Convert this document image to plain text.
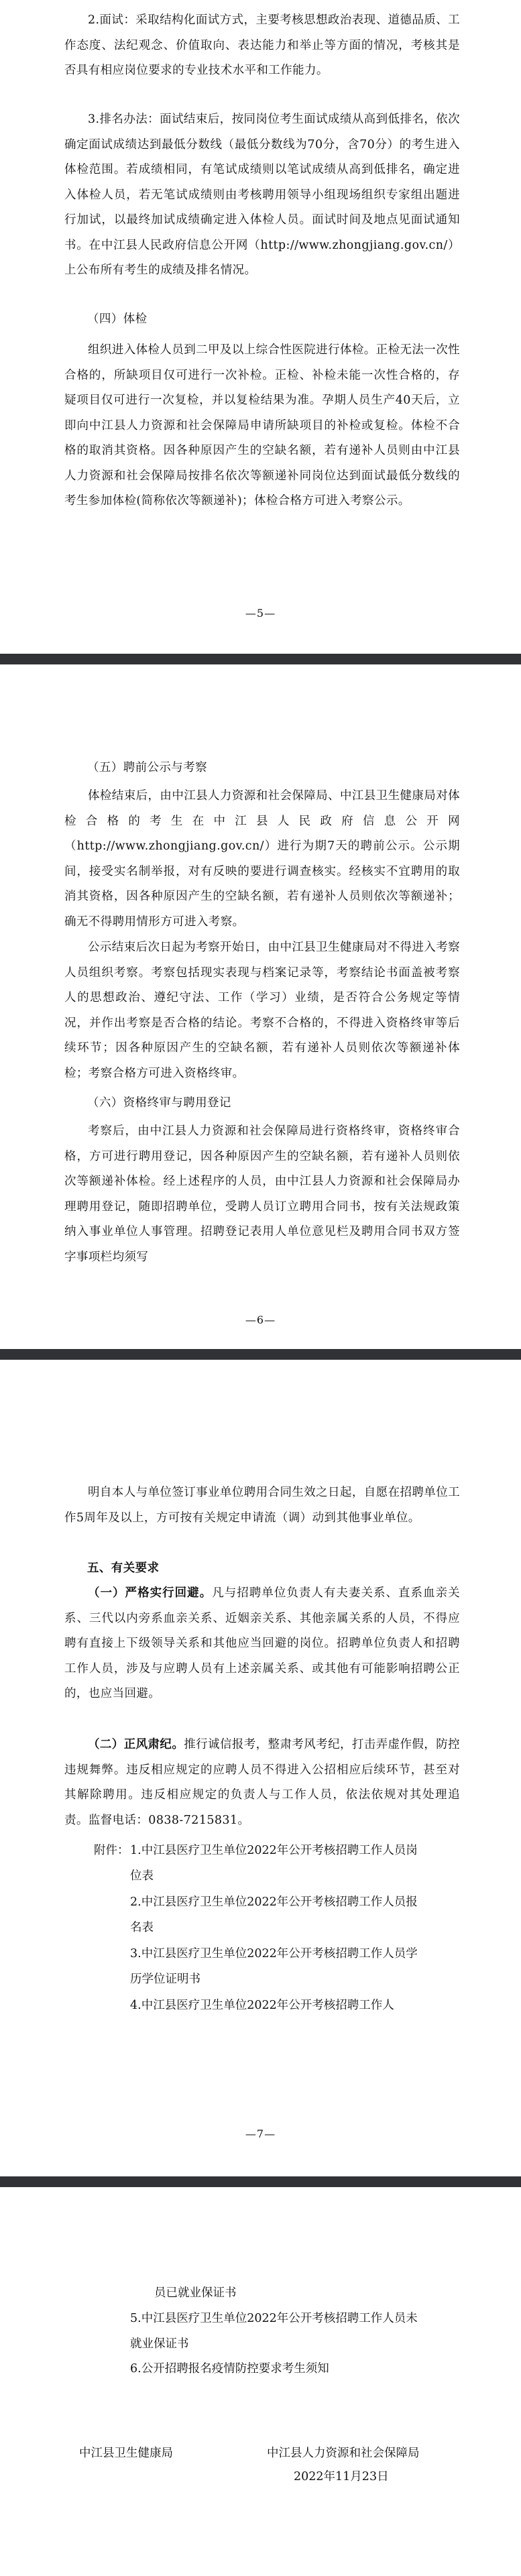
2.面试：采取结构化面试方式，主要考核思想政治表现、道德品质、工作态度、法纪观念、价值取向、表达能力和举止等方面的情况，考核其是否具有相应岗位要求的专业技术水平和工作能力。

3.排名办法：面试结束后，按同岗位考生面试成绩从高到低排名，依次确定面试成绩达到最低分数线（最低分数线为70分，含70分）的考生进入体检范围。若成绩相同，有笔试成绩则以笔试成绩从高到低排名，确定进入体检人员，若无笔试成绩则由考核聘用领导小组现场组织专家组出题进行加试，以最终加试成绩确定进入体检人员。面试时间及地点见面试通知书。在中江县人民政府信息公开网（http://www.zhongjiang.gov.cn/）上公布所有考生的成绩及排名情况。

（四）体检

组织进入体检人员到二甲及以上综合性医院进行体检。正检无法一次性合格的，所缺项目仅可进行一次补检。正检、补检未能一次性合格的，存疑项目仅可进行一次复检，并以复检结果为准。孕期人员生产40天后，立即向中江县人力资源和社会保障局申请所缺项目的补检或复检。体检不合格的取消其资格。因各种原因产生的空缺名额，若有递补人员则由中江县人力资源和社会保障局按排名依次等额递补同岗位达到面试最低分数线的考生参加体检(简称依次等额递补)；体检合格方可进入考察公示。

—5—
（五）聘前公示与考察

体检结束后，由中江县人力资源和社会保障局、中江县卫生健康局对体检合格的考生在中江县人民政府信息公开网（http://www.zhongjiang.gov.cn/）进行为期7天的聘前公示。公示期间，接受实名制举报，对有反映的要进行调查核实。经核实不宜聘用的取消其资格，因各种原因产生的空缺名额，若有递补人员则依次等额递补；确无不得聘用情形方可进入考察。

公示结束后次日起为考察开始日，由中江县卫生健康局对不得进入考察人员组织考察。考察包括现实表现与档案记录等，考察结论书面盖被考察人的思想政治、遵纪守法、工作（学习）业绩，是否符合公务规定等情况，并作出考察是否合格的结论。考察不合格的，不得进入资格终审等后续环节；因各种原因产生的空缺名额，若有递补人员则依次等额递补体检；考察合格方可进入资格终审。

（六）资格终审与聘用登记

考察后，由中江县人力资源和社会保障局进行资格终审，资格终审合格，方可进行聘用登记，因各种原因产生的空缺名额，若有递补人员则依次等额递补体检。经上述程序的人员，由中江县人力资源和社会保障局办理聘用登记，随即招聘单位，受聘人员订立聘用合同书，按有关法规政策纳入事业单位人事管理。招聘登记表用人单位意见栏及聘用合同书双方签字事项栏均须写

—6—

明自本人与单位签订事业单位聘用合同生效之日起，自愿在招聘单位工作5周年及以上，方可按有关规定申请流（调）动到其他事业单位。

五、有关要求

（一）严格实行回避。凡与招聘单位负责人有夫妻关系、直系血亲关系、三代以内旁系血亲关系、近姻亲关系、其他亲属关系的人员，不得应聘有直接上下级领导关系和其他应当回避的岗位。招聘单位负责人和招聘工作人员，涉及与应聘人员有上述亲属关系、或其他有可能影响招聘公正的，也应当回避。

（二）正风肃纪。推行诚信报考，整肃考风考纪，打击弄虚作假，防控违规舞弊。违反相应规定的应聘人员不得进入公招相应后续环节，甚至对其解除聘用。违反相应规定的负责人与工作人员，依法依规对其处理追责。监督电话：0838-7215831。

附件： 1.中江县医疗卫生单位2022年公开考核招聘工作人员岗位表
2.中江县医疗卫生单位2022年公开考核招聘工作人员报名表
3.中江县医疗卫生单位2022年公开考核招聘工作人员学历学位证明书
4.中江县医疗卫生单位2022年公开考核招聘工作人
—7—
员已就业保证书
5.中江县医疗卫生单位2022年公开考核招聘工作人员未就业保证书
6.公开招聘报名疫情防控要求考生须知
中江县卫生健康局	中江县人力资源和社会保障局
2022年11月23日
